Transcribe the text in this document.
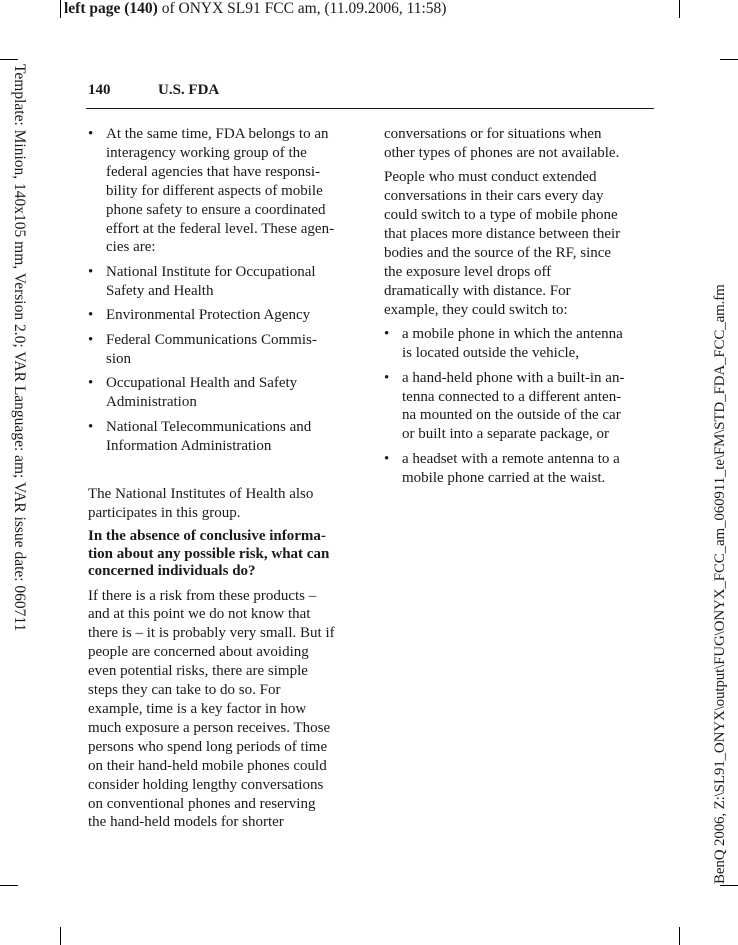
left page (140) of ONYX SL91 FCC am, (11.09.2006, 11:58)
Template: Minion, 140x105 mm, Version 2.0; VAR Language: am; VAR issue date: 060711	BenQ 2006, Z:\SL91_ONYX\output\FUG\ONYX_FCC_am_060911_te\FM\STD_FDA_FCC_am.fm
140	U.S. FDA
• At the same time, FDA belongs to an
interagency working group of the
federal agencies that have responsi-
bility for different aspects of mobile
phone safety to ensure a coordinated
effort at the federal level. These agen-
cies are:
• National Institute for Occupational
Safety and Health
• Environmental Protection Agency
• Federal Communications Commis-
sion
• Occupational Health and Safety
Administration
• National Telecommunications and
Information Administration

The National Institutes of Health also
participates in this group.

In the absence of conclusive informa-
tion about any possible risk, what can
concerned individuals do?

If there is a risk from these products –
and at this point we do not know that
there is – it is probably very small. But if
people are concerned about avoiding
even potential risks, there are simple
steps they can take to do so. For
example, time is a key factor in how
much exposure a person receives. Those
persons who spend long periods of time
on their hand-held mobile phones could
consider holding lengthy conversations
on conventional phones and reserving
the hand-held models for shorter

conversations or for situations when
other types of phones are not available.

People who must conduct extended
conversations in their cars every day
could switch to a type of mobile phone
that places more distance between their
bodies and the source of the RF, since
the exposure level drops off
dramatically with distance. For
example, they could switch to:

• a mobile phone in which the antenna
is located outside the vehicle,
• a hand-held phone with a built-in an-
tenna connected to a different anten-
na mounted on the outside of the car
or built into a separate package, or
• a headset with a remote antenna to a
mobile phone carried at the waist.
